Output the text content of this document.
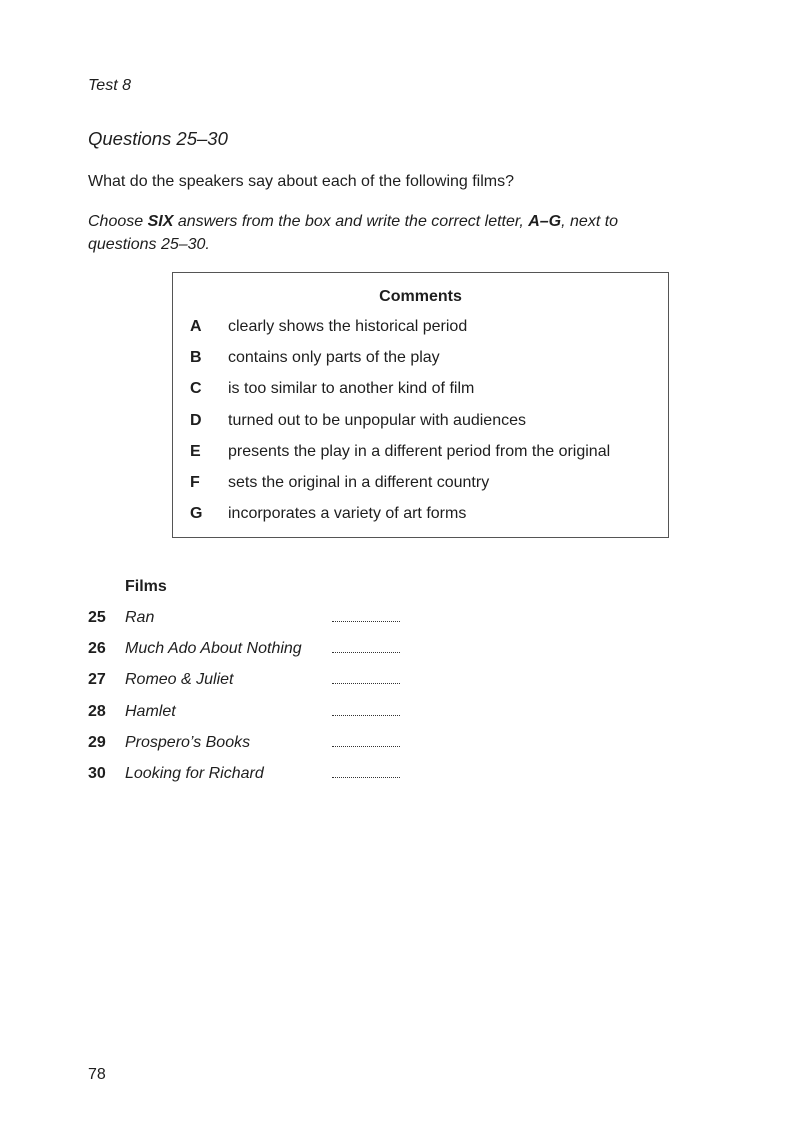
Test 8
Questions 25–30
What do the speakers say about each of the following films?
Choose SIX answers from the box and write the correct letter, A–G, next to questions 25–30.
Comments
A clearly shows the historical period
B contains only parts of the play
C is too similar to another kind of film
D turned out to be unpopular with audiences
E presents the play in a different period from the original
F sets the original in a different country
G incorporates a variety of art forms
Films
25 Ran
26 Much Ado About Nothing
27 Romeo & Juliet
28 Hamlet
29 Prospero’s Books
30 Looking for Richard
78
